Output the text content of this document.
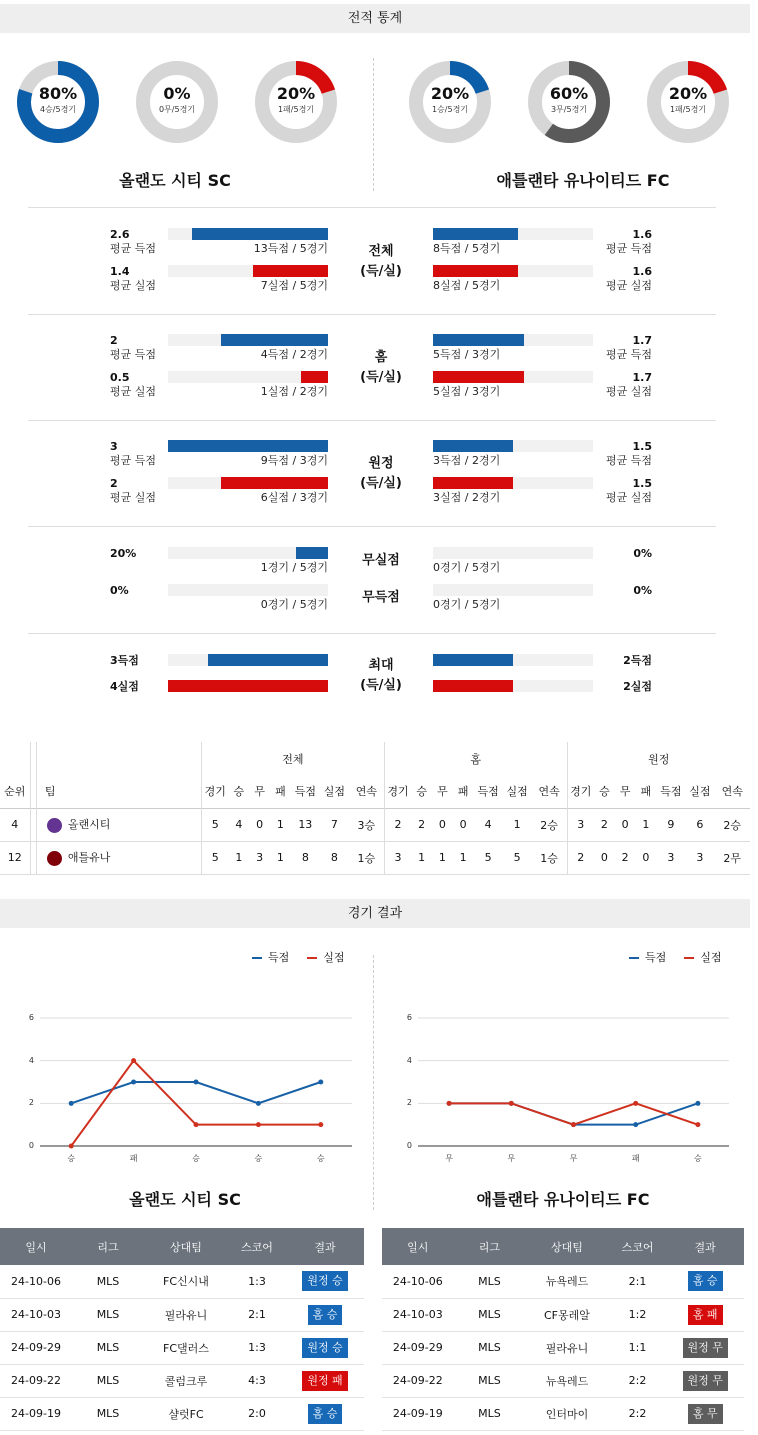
전적 통계
80%
4승/5경기
0%
0무/5경기
20%
1패/5경기
20%
1승/5경기
60%
3무/5경기
20%
1패/5경기
올랜도 시티 SC	애틀랜타 유나이티드 FC
2.6
평균 득점	13득점 / 5경기	8득점 / 5경기
1.6
평균 득점
1.4
평균 실점	7실점 / 5경기	8실점 / 5경기
1.6
평균 실점
전체
(득/실)
2
평균 득점	4득점 / 2경기	5득점 / 3경기
1.7
평균 득점
0.5
평균 실점	1실점 / 2경기	5실점 / 3경기
1.7
평균 실점
홈
(득/실)
3
평균 득점	9득점 / 3경기	3득점 / 2경기
1.5
평균 득점
2
평균 실점	6실점 / 3경기	3실점 / 2경기
1.5
평균 실점
원정
(득/실)
20%
1경기 / 5경기	무실점	0경기 / 5경기
0%
0%
0경기 / 5경기	무득점	0경기 / 5경기
0%
3득점	2득점
4실점	2실점
최대
(득/실)
			전체							홈							원정						
순위		팀	경기	승	무	패	득점	실점	연속	경기	승	무	패	득점	실점	연속	경기	승	무	패	득점	실점	연속
4		올랜시티	5	4	0	1	13	7	3승	2	2	0	0	4	1	2승	3	2	0	1	9	6	2승
12		애틀유나	5	1	3	1	8	8	1승	3	1	1	1	5	5	1승	2	0	2	0	3	3	2무
경기 결과
득점	실점
0
2
4
6
승	패	승	승	승
득점	실점
0
2
4
6
무	무	무	패	승
올랜도 시티 SC	애틀랜타 유나이티드 FC
일시	리그	상대팀	스코어	결과
24-10-06	MLS	FC신시내	1:3	원정 승
24-10-03	MLS	필라유니	2:1	홈 승
24-09-29	MLS	FC댈러스	1:3	원정 승
24-09-22	MLS	콜럼크루	4:3	원정 패
24-09-19	MLS	샬럿FC	2:0	홈 승
일시	리그	상대팀	스코어	결과
24-10-06	MLS	뉴욕레드	2:1	홈 승
24-10-03	MLS	CF몽레알	1:2	홈 패
24-09-29	MLS	필라유니	1:1	원정 무
24-09-22	MLS	뉴욕레드	2:2	원정 무
24-09-19	MLS	인터마이	2:2	홈 무
